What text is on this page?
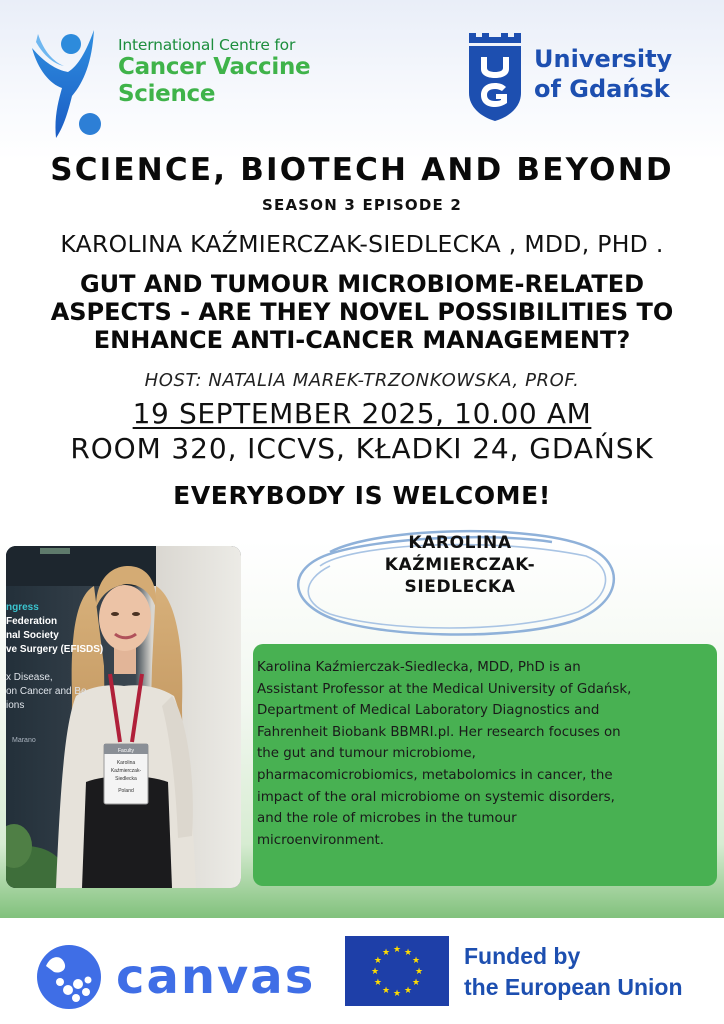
International Centre for
Cancer Vaccine
Science
University
of Gdańsk
SCIENCE, BIOTECH AND BEYOND
SEASON 3 EPISODE 2
KAROLINA KAŹMIERCZAK-SIEDLECKA , MDD, PHD .
GUT AND TUMOUR MICROBIOME-RELATED
ASPECTS - ARE THEY NOVEL POSSIBILITIES TO
ENHANCE ANTI-CANCER MANAGEMENT?
HOST: NATALIA MAREK-TRZONKOWSKA, PROF.
19 SEPTEMBER 2025, 10.00 AM
ROOM 320, ICCVS, KŁADKI 24, GDAŃSK
EVERYBODY IS WELCOME!
ngress
Federation
nal Society
ve Surgery (EFISDS)
x Disease,
on Cancer and Be
ions
Marano
Faculty
Karolina
Kaźmierczak-
Siedlecka
Poland
KAROLINA
KAŹMIERCZAK-
SIEDLECKA
Karolina Kaźmierczak-Siedlecka, MDD, PhD is an
Assistant Professor at the Medical University of Gdańsk,
Department of Medical Laboratory Diagnostics and
Fahrenheit Biobank BBMRI.pl. Her research focuses on
the gut and tumour microbiome,
pharmacomicrobiomics, metabolomics in cancer, the
impact of the oral microbiome on systemic disorders,
and the role of microbes in the tumour
microenvironment.
canvas	★ ★
★
★
★
★
★
★
★
★
★
★	Funded by
the European Union
